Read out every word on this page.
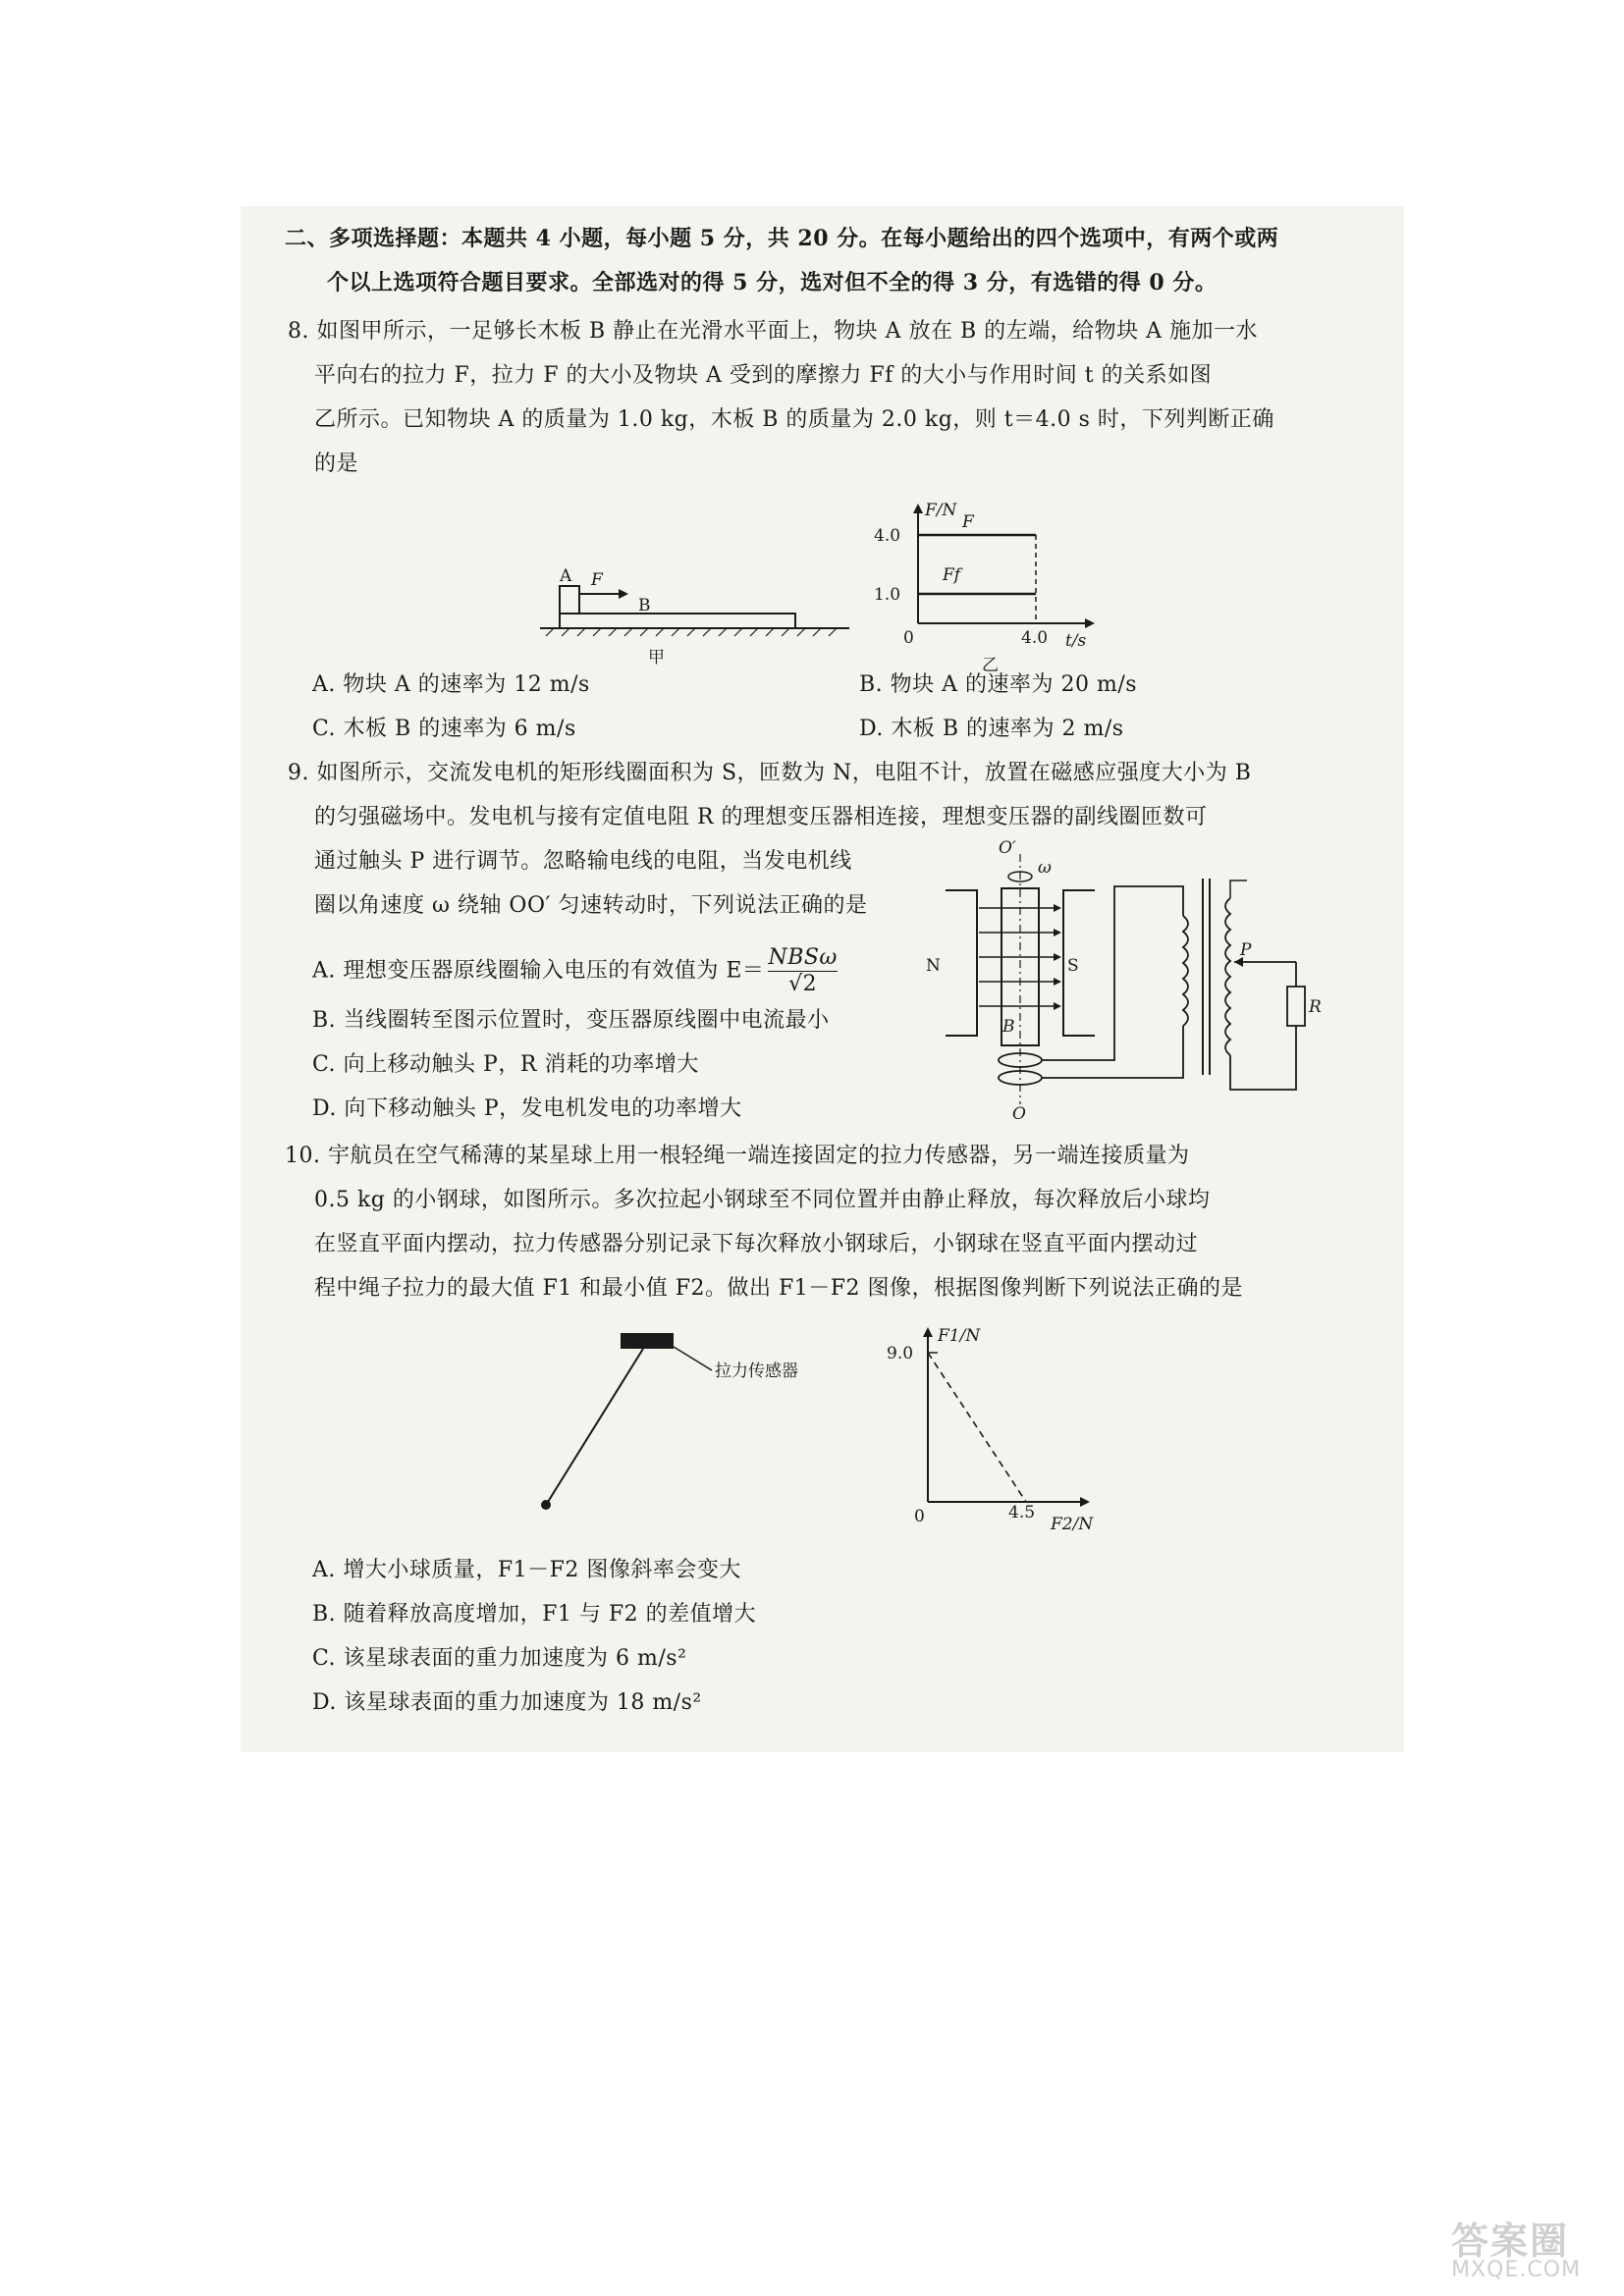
二、多项选择题：本题共 4 小题，每小题 5 分，共 20 分。在每小题给出的四个选项中，有两个或两
个以上选项符合题目要求。全部选对的得 5 分，选对但不全的得 3 分，有选错的得 0 分。
8. 如图甲所示，一足够长木板 B 静止在光滑水平面上，物块 A 放在 B 的左端，给物块 A 施加一水
平向右的拉力 F，拉力 F 的大小及物块 A 受到的摩擦力 Ff 的大小与作用时间 t 的关系如图
乙所示。已知物块 A 的质量为 1.0 kg，木板 B 的质量为 2.0 kg，则 t＝4.0 s 时，下列判断正确
的是
A F
B
甲
F/N
4.0
1.0
0	4.0 t/s
F
Ff
乙
A. 物块 A 的速率为 12 m/s	B. 物块 A 的速率为 20 m/s
C. 木板 B 的速率为 6 m/s	D. 木板 B 的速率为 2 m/s
9. 如图所示，交流发电机的矩形线圈面积为 S，匝数为 N，电阻不计，放置在磁感应强度大小为 B
的匀强磁场中。发电机与接有定值电阻 R 的理想变压器相连接，理想变压器的副线圈匝数可
通过触头 P 进行调节。忽略输电线的电阻，当发电机线
圈以角速度 ω 绕轴 OO′ 匀速转动时，下列说法正确的是
A. 理想变压器原线圈输入电压的有效值为 E＝
NBSω
√2
B. 当线圈转至图示位置时，变压器原线圈中电流最小
C. 向上移动触头 P，R 消耗的功率增大
D. 向下移动触头 P，发电机发电的功率增大
N	S
O′
ω
B
O
P
R
10. 宇航员在空气稀薄的某星球上用一根轻绳一端连接固定的拉力传感器，另一端连接质量为
0.5 kg 的小钢球，如图所示。多次拉起小钢球至不同位置并由静止释放，每次释放后小球均
在竖直平面内摆动，拉力传感器分别记录下每次释放小钢球后，小钢球在竖直平面内摆动过
程中绳子拉力的最大值 F1 和最小值 F2。做出 F1－F2 图像，根据图像判断下列说法正确的是
拉力传感器
F1/N
9.0
0	4.5
F2/N
A. 增大小球质量，F1－F2 图像斜率会变大
B. 随着释放高度增加，F1 与 F2 的差值增大
C. 该星球表面的重力加速度为 6 m/s²
D. 该星球表面的重力加速度为 18 m/s²
答案圈
MXQE.COM
